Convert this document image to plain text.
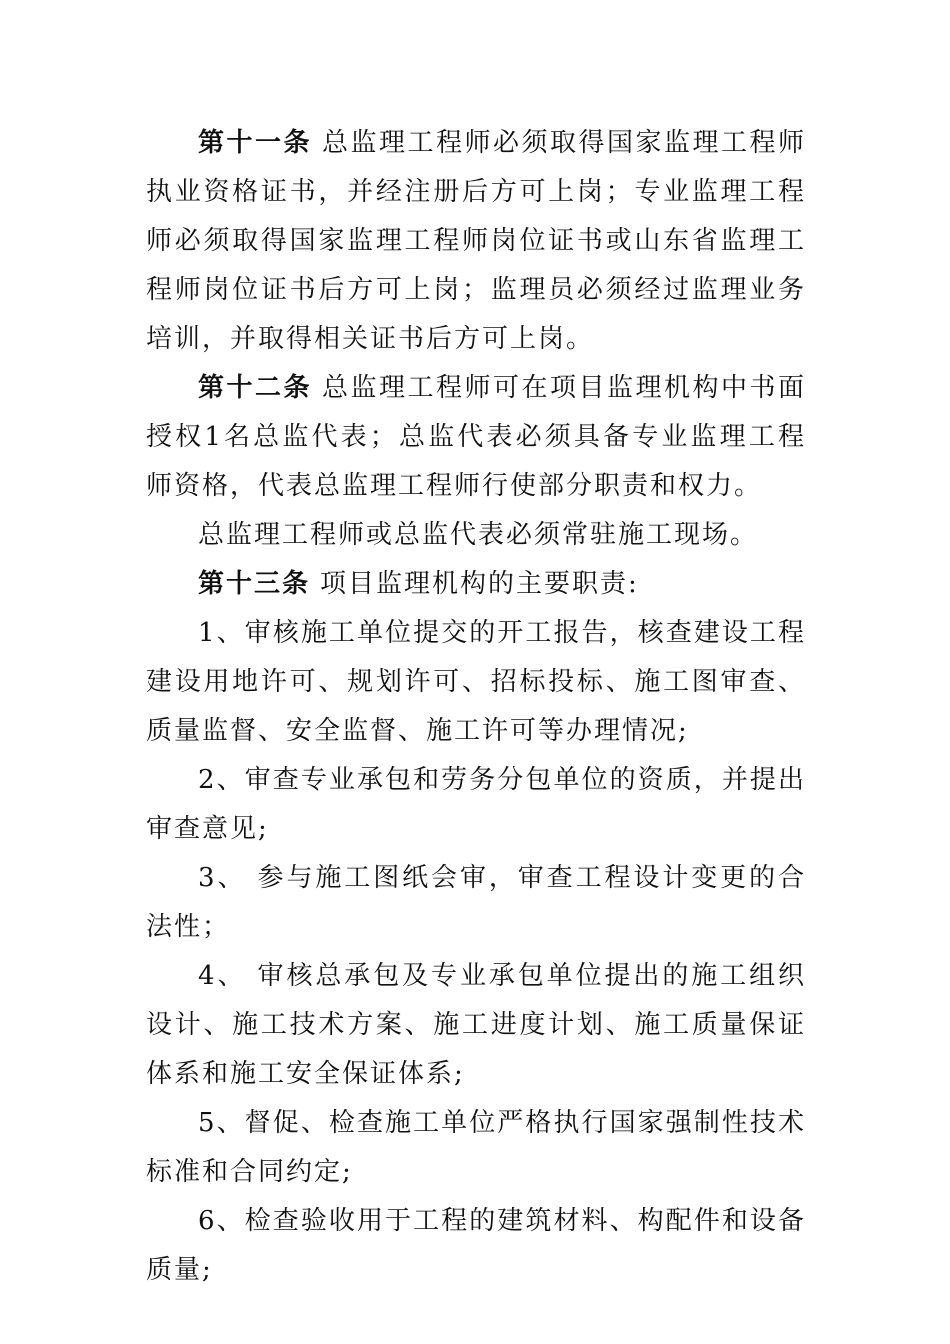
第十一条 总监理工程师必须取得国家监理工程师执业资格证书，并经注册后方可上岗；专业监理工程师必须取得国家监理工程师岗位证书或山东省监理工程师岗位证书后方可上岗；监理员必须经过监理业务培训，并取得相关证书后方可上岗。

第十二条 总监理工程师可在项目监理机构中书面授权1名总监代表；总监代表必须具备专业监理工程师资格，代表总监理工程师行使部分职责和权力。

总监理工程师或总监代表必须常驻施工现场。

第十三条 项目监理机构的主要职责:

1、审核施工单位提交的开工报告，核查建设工程建设用地许可、规划许可、招标投标、施工图审查、质量监督、安全监督、施工许可等办理情况;

2、审查专业承包和劳务分包单位的资质，并提出审查意见;

3、 参与施工图纸会审，审查工程设计变更的合法性；

4、 审核总承包及专业承包单位提出的施工组织设计、施工技术方案、施工进度计划、施工质量保证体系和施工安全保证体系;

5、督促、检查施工单位严格执行国家强制性技术标准和合同约定;

6、检查验收用于工程的建筑材料、构配件和设备质量;
